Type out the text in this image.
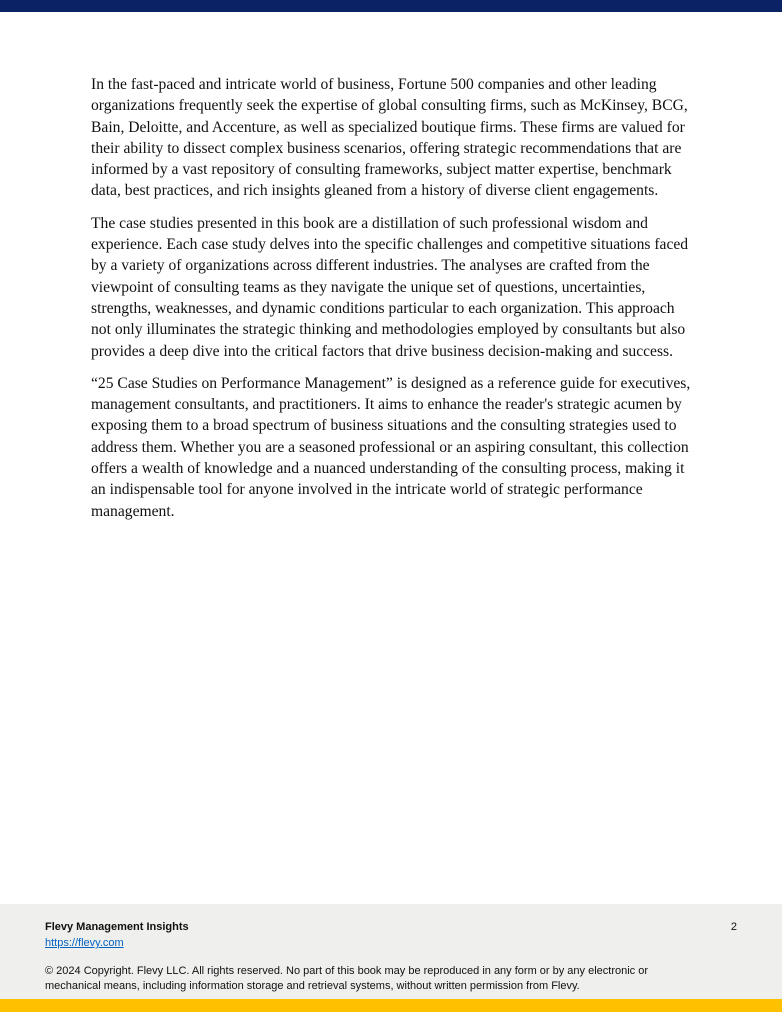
In the fast-paced and intricate world of business, Fortune 500 companies and other leading organizations frequently seek the expertise of global consulting firms, such as McKinsey, BCG, Bain, Deloitte, and Accenture, as well as specialized boutique firms. These firms are valued for their ability to dissect complex business scenarios, offering strategic recommendations that are informed by a vast repository of consulting frameworks, subject matter expertise, benchmark data, best practices, and rich insights gleaned from a history of diverse client engagements.

The case studies presented in this book are a distillation of such professional wisdom and experience. Each case study delves into the specific challenges and competitive situations faced by a variety of organizations across different industries. The analyses are crafted from the viewpoint of consulting teams as they navigate the unique set of questions, uncertainties, strengths, weaknesses, and dynamic conditions particular to each organization. This approach not only illuminates the strategic thinking and methodologies employed by consultants but also provides a deep dive into the critical factors that drive business decision-making and success.

“25 Case Studies on Performance Management” is designed as a reference guide for executives, management consultants, and practitioners. It aims to enhance the reader's strategic acumen by exposing them to a broad spectrum of business situations and the consulting strategies used to address them. Whether you are a seasoned professional or an aspiring consultant, this collection offers a wealth of knowledge and a nuanced understanding of the consulting process, making it an indispensable tool for anyone involved in the intricate world of strategic performance management.

Flevy Management Insights
https://flevy.com
2
© 2024 Copyright. Flevy LLC. All rights reserved. No part of this book may be reproduced in any form or by any electronic or mechanical means, including information storage and retrieval systems, without written permission from Flevy.
